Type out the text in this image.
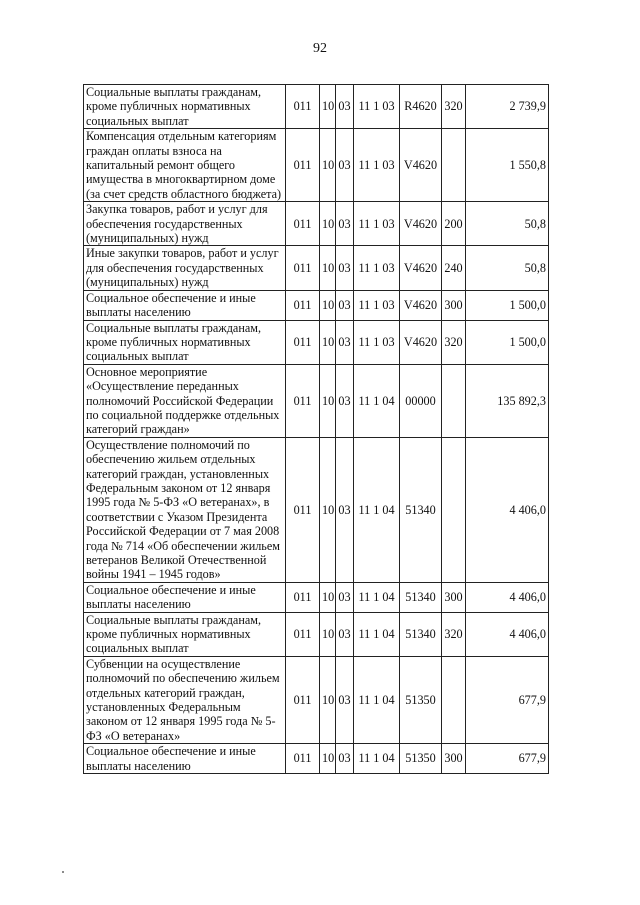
92
Социальные выплаты гражданам, кроме публичных нормативных социальных выплат	011	10	03	11 1 03	R4620	320	2 739,9
Компенсация отдельным категориям граждан оплаты взноса на капитальный ремонт общего имущества в многоквартирном доме (за счет средств областного бюджета)	011	10	03	11 1 03	V4620		1 550,8
Закупка товаров, работ и услуг для обеспечения государственных (муниципальных) нужд	011	10	03	11 1 03	V4620	200	50,8
Иные закупки товаров, работ и услуг для обеспечения государственных (муниципальных) нужд	011	10	03	11 1 03	V4620	240	50,8
Социальное обеспечение и иные выплаты населению	011	10	03	11 1 03	V4620	300	1 500,0
Социальные выплаты гражданам, кроме публичных нормативных социальных выплат	011	10	03	11 1 03	V4620	320	1 500,0
Основное мероприятие «Осуществление переданных полномочий Российской Федерации по социальной поддержке отдельных категорий граждан»	011	10	03	11 1 04	00000		135 892,3
Осуществление полномочий по обеспечению жильем отдельных категорий граждан, установленных Федеральным законом от 12 января 1995 года № 5-ФЗ «О ветеранах», в соответствии с Указом Президента Российской Федерации от 7 мая 2008 года № 714 «Об обеспечении жильем ветеранов Великой Отечественной войны 1941 – 1945 годов»	011	10	03	11 1 04	51340		4 406,0
Социальное обеспечение и иные выплаты населению	011	10	03	11 1 04	51340	300	4 406,0
Социальные выплаты гражданам, кроме публичных нормативных социальных выплат	011	10	03	11 1 04	51340	320	4 406,0
Субвенции на осуществление полномочий по обеспечению жильем отдельных категорий граждан, установленных Федеральным законом от 12 января 1995 года № 5-ФЗ «О ветеранах»	011	10	03	11 1 04	51350		677,9
Социальное обеспечение и иные выплаты населению	011	10	03	11 1 04	51350	300	677,9
